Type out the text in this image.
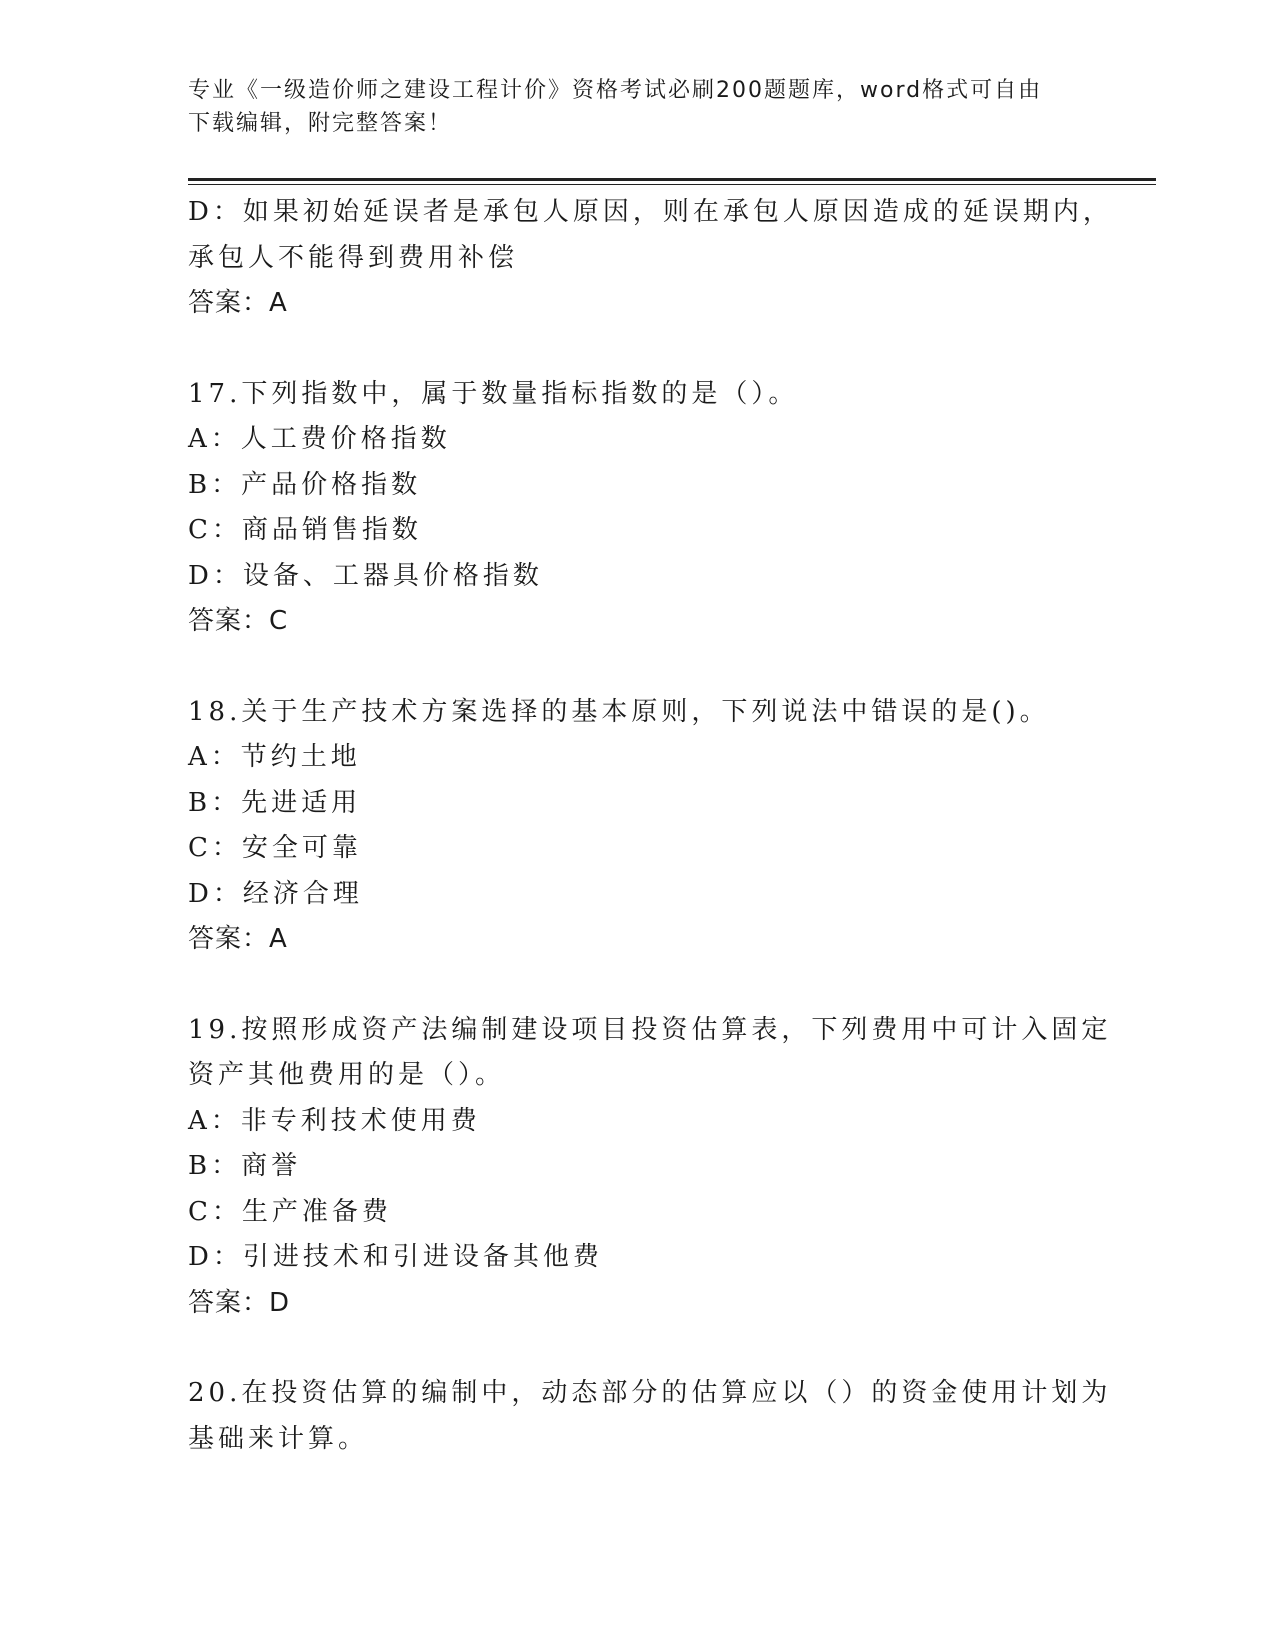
专业《一级造价师之建设工程计价》资格考试必刷200题题库，word格式可自由
下载编辑，附完整答案！
D：如果初始延误者是承包人原因，则在承包人原因造成的延误期内，
承包人不能得到费用补偿
答案：A
17.下列指数中，属于数量指标指数的是（）。
A：人工费价格指数
B：产品价格指数
C：商品销售指数
D：设备、工器具价格指数
答案：C
18.关于生产技术方案选择的基本原则，下列说法中错误的是()。
A：节约土地
B：先进适用
C：安全可靠
D：经济合理
答案：A
19.按照形成资产法编制建设项目投资估算表，下列费用中可计入固定
资产其他费用的是（）。
A：非专利技术使用费
B：商誉
C：生产准备费
D：引进技术和引进设备其他费
答案：D
20.在投资估算的编制中，动态部分的估算应以（）的资金使用计划为
基础来计算。
